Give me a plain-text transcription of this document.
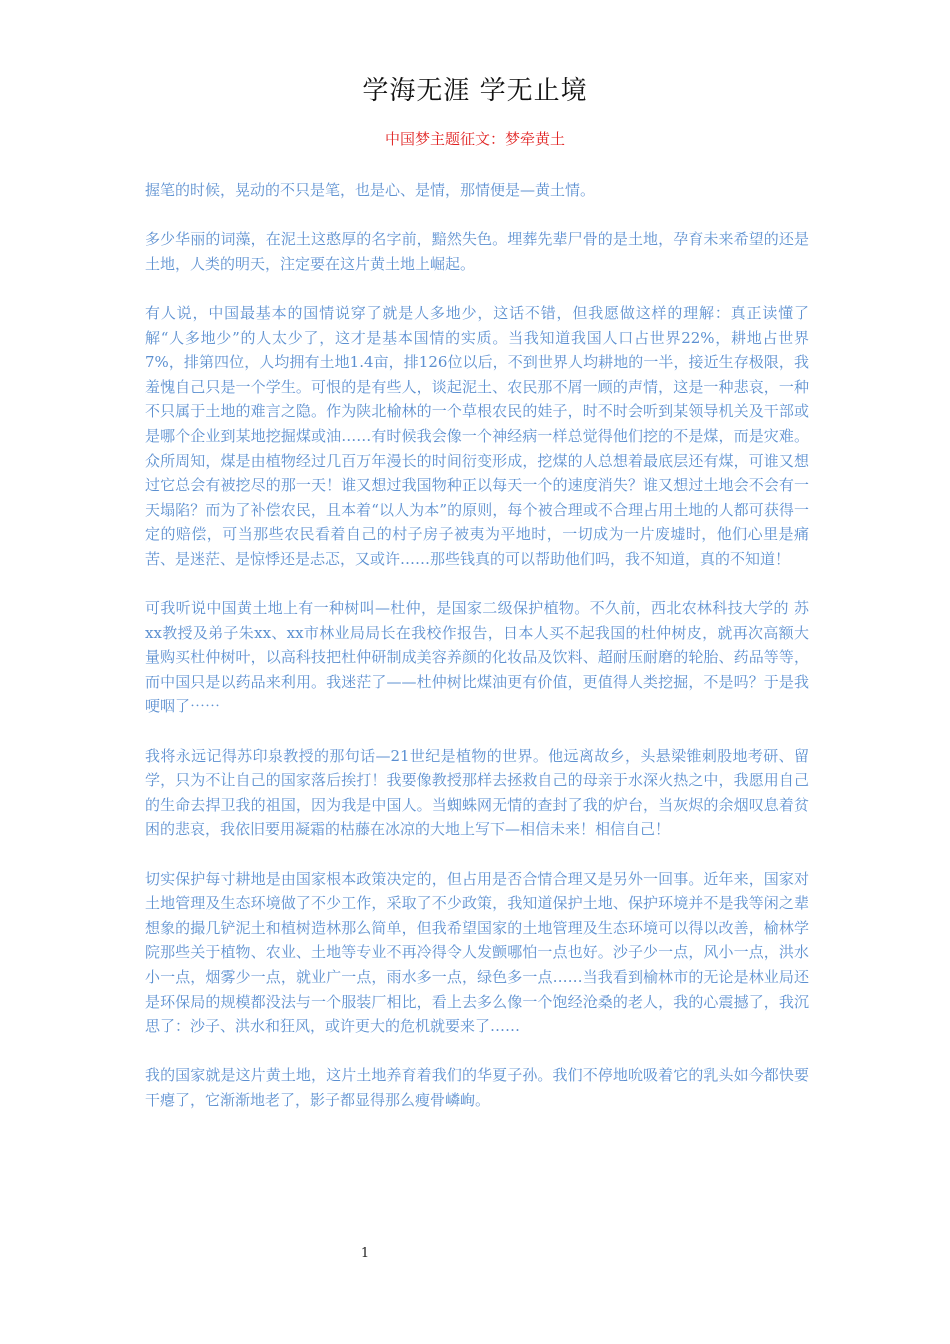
学海无涯 学无止境
中国梦主题征文：梦牵黄土

握笔的时候，晃动的不只是笔，也是心、是情，那情便是—黄土情。

多少华丽的词藻，在泥土这憨厚的名字前，黯然失色。埋葬先辈尸骨的是土地，孕育未来希望的还是土地，人类的明天，注定要在这片黄土地上崛起。

有人说，中国最基本的国情说穿了就是人多地少，这话不错，但我愿做这样的理解：真正读懂了解“人多地少”的人太少了，这才是基本国情的实质。当我知道我国人口占世界22%，耕地占世界7%，排第四位，人均拥有土地1.4亩，排126位以后，不到世界人均耕地的一半，接近生存极限，我羞愧自己只是一个学生。可恨的是有些人，谈起泥土、农民那不屑一顾的声情，这是一种悲哀，一种不只属于土地的难言之隐。作为陕北榆林的一个草根农民的娃子，时不时会听到某领导机关及干部或是哪个企业到某地挖掘煤或油……有时候我会像一个神经病一样总觉得他们挖的不是煤，而是灾难。众所周知，煤是由植物经过几百万年漫长的时间衍变形成，挖煤的人总想着最底层还有煤，可谁又想过它总会有被挖尽的那一天！谁又想过我国物种正以每天一个的速度消失？谁又想过土地会不会有一天塌陷？而为了补偿农民，且本着“以人为本”的原则，每个被合理或不合理占用土地的人都可获得一定的赔偿，可当那些农民看着自己的村子房子被夷为平地时，一切成为一片废墟时，他们心里是痛苦、是迷茫、是惊悸还是忐忑，又或许……那些钱真的可以帮助他们吗，我不知道，真的不知道！

可我听说中国黄土地上有一种树叫—杜仲，是国家二级保护植物。不久前，西北农林科技大学的 苏xx教授及弟子朱xx、xx市林业局局长在我校作报告，日本人买不起我国的杜仲树皮，就再次高额大量购买杜仲树叶，以高科技把杜仲研制成美容养颜的化妆品及饮料、超耐压耐磨的轮胎、药品等等，而中国只是以药品来利用。我迷茫了——杜仲树比煤油更有价值，更值得人类挖掘，不是吗？于是我哽咽了⋯⋯

我将永远记得苏印泉教授的那句话—21世纪是植物的世界。他远离故乡，头悬梁锥刺股地考研、留学，只为不让自己的国家落后挨打！我要像教授那样去拯救自己的母亲于水深火热之中，我愿用自己的生命去捍卫我的祖国，因为我是中国人。当蜘蛛网无情的查封了我的炉台，当灰烬的余烟叹息着贫困的悲哀，我依旧要用凝霜的枯藤在冰凉的大地上写下—相信未来！相信自己！

切实保护每寸耕地是由国家根本政策决定的，但占用是否合情合理又是另外一回事。近年来，国家对土地管理及生态环境做了不少工作，采取了不少政策，我知道保护土地、保护环境并不是我等闲之辈想象的撮几铲泥土和植树造林那么简单，但我希望国家的土地管理及生态环境可以得以改善，榆林学院那些关于植物、农业、土地等专业不再冷得令人发颤哪怕一点也好。沙子少一点，风小一点，洪水小一点，烟雾少一点，就业广一点，雨水多一点，绿色多一点……当我看到榆林市的无论是林业局还是环保局的规模都没法与一个服装厂相比，看上去多么像一个饱经沧桑的老人，我的心震撼了，我沉思了：沙子、洪水和狂风，或许更大的危机就要来了……

我的国家就是这片黄土地，这片土地养育着我们的华夏子孙。我们不停地吮吸着它的乳头如今都快要干瘪了，它渐渐地老了，影子都显得那么瘦骨嶙峋。

1
